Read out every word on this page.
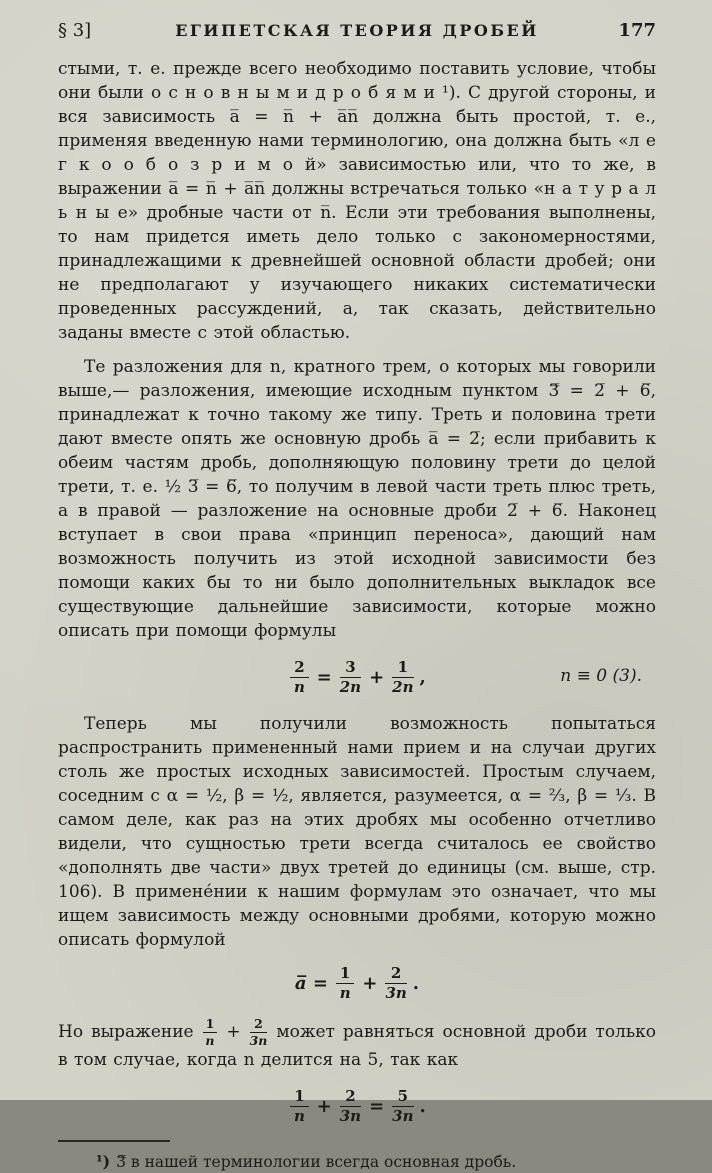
§ 3]	ЕГИПЕТСКАЯ ТЕОРИЯ ДРОБЕЙ	177

стыми, т. е. прежде всего необходимо поставить условие, чтобы они были о с н о в н ы м и д р о б я м и ¹). С другой стороны, и вся зависимость a̅ = n̅ + a̅n̅ должна быть простой, т. е., применяя введенную нами терминологию, она должна быть «л е г к о о б о з р и м о й» зависимостью или, что то же, в выражении a̅ = n̅ + a̅n̅ должны встречаться только «н а т у р а л ь н ы е» дробные части от n̅. Если эти требования выполнены, то нам придется иметь дело только с закономерностями, принадлежащими к древнейшей основной области дробей; они не предполагают у изучающего никаких систематически проведенных рассуждений, а, так сказать, действительно заданы вместе с этой областью.

Те разложения для n, кратного трем, о которых мы говорили выше,— разложения, имеющие исходным пунктом 3̿ = 2̅ + 6̅, принадлежат к точно такому же типу. Треть и половина трети дают вместе опять же основную дробь a̅ = 2̅; если прибавить к обеим частям дробь, дополняющую половину трети до целой трети, т. е. ½ 3̅ = 6̅, то получим в левой части треть плюс треть, а в правой — разложение на основные дроби 2̅ + 6̅. Наконец вступает в свои права «принцип переноса», дающий нам возможность получить из этой исходной зависимости без помощи каких бы то ни было дополнительных выкладок все существующие дальнейшие зависимости, которые можно описать при помощи формулы

$\frac{2}{n} = \frac{3}{2n} + \frac{1}{2n}$ ,	n ≡ 0 (3).

Теперь мы получили возможность попытаться распространить примененный нами прием и на случаи других столь же простых исходных зависимостей. Простым случаем, соседним с α = ½, β = ½, является, разумеется, α = ⅔, β = ⅓. В самом деле, как раз на этих дробях мы особенно отчетливо видели, что сущностью трети всегда считалось ее свойство «дополнять две части» двух третей до единицы (см. выше, стр. 106). В примене́нии к нашим формулам это означает, что мы ищем зависимость между основными дробями, которую можно описать формулой

a̅ = $\frac{1}{n} + \frac{2}{3n}$ .

Но выражение $\frac{1}{n} + \frac{2}{3n}$ может равняться основной дроби только в том случае, когда n делится на 5, так как

$\frac{1}{n} + \frac{2}{3n} = \frac{5}{3n}$ .

¹) 3̿ в нашей терминологии всегда основная дробь.
